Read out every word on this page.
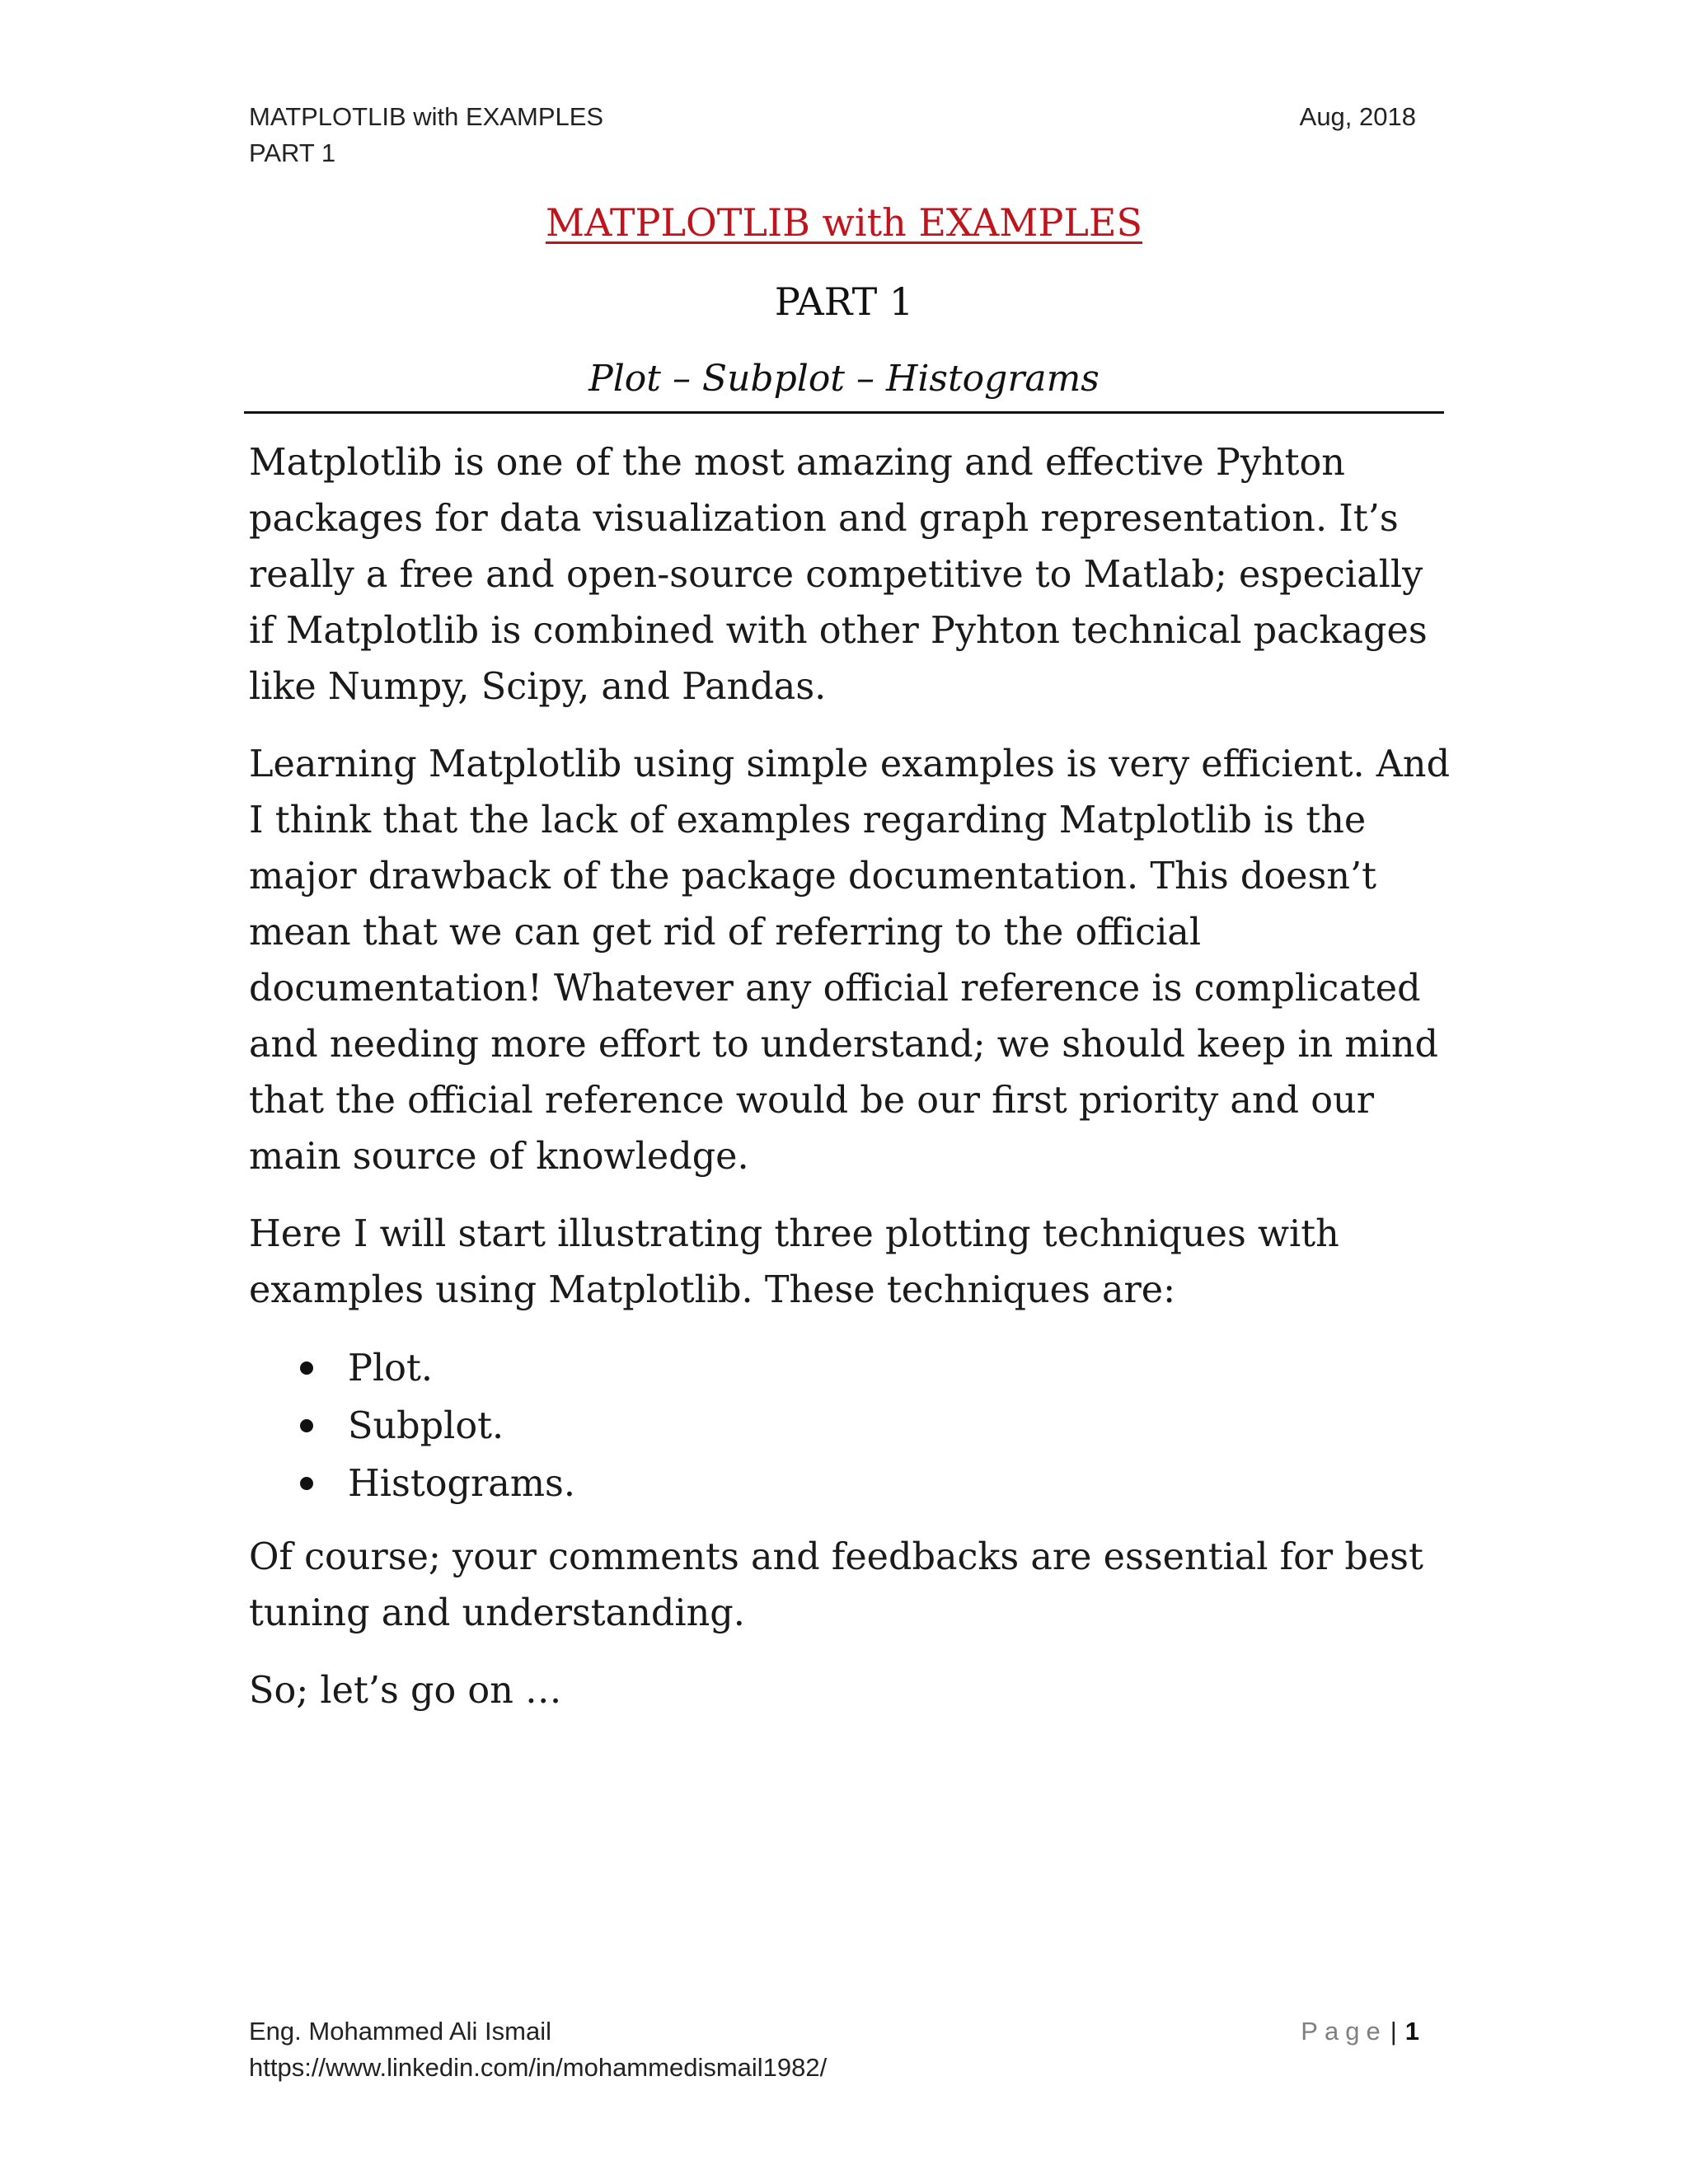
MATPLOTLIB with EXAMPLES
PART 1
Aug, 2018
MATPLOTLIB with EXAMPLES
PART 1
Plot – Subplot – Histograms

Matplotlib is one of the most amazing and effective Pyhton packages for data visualization and graph representation. It’s really a free and open-source competitive to Matlab; especially if Matplotlib is combined with other Pyhton technical packages like Numpy, Scipy, and Pandas.

Learning Matplotlib using simple examples is very efficient. And I think that the lack of examples regarding Matplotlib is the major drawback of the package documentation. This doesn’t mean that we can get rid of referring to the official documentation! Whatever any official reference is complicated and needing more effort to understand; we should keep in mind that the official reference would be our first priority and our main source of knowledge.

Here I will start illustrating three plotting techniques with examples using Matplotlib. These techniques are:

Plot.
Subplot.
Histograms.

Of course; your comments and feedbacks are essential for best tuning and understanding.

So; let’s go on …

Eng. Mohammed Ali Ismail
https://www.linkedin.com/in/mohammedismail1982/
Page | 1
